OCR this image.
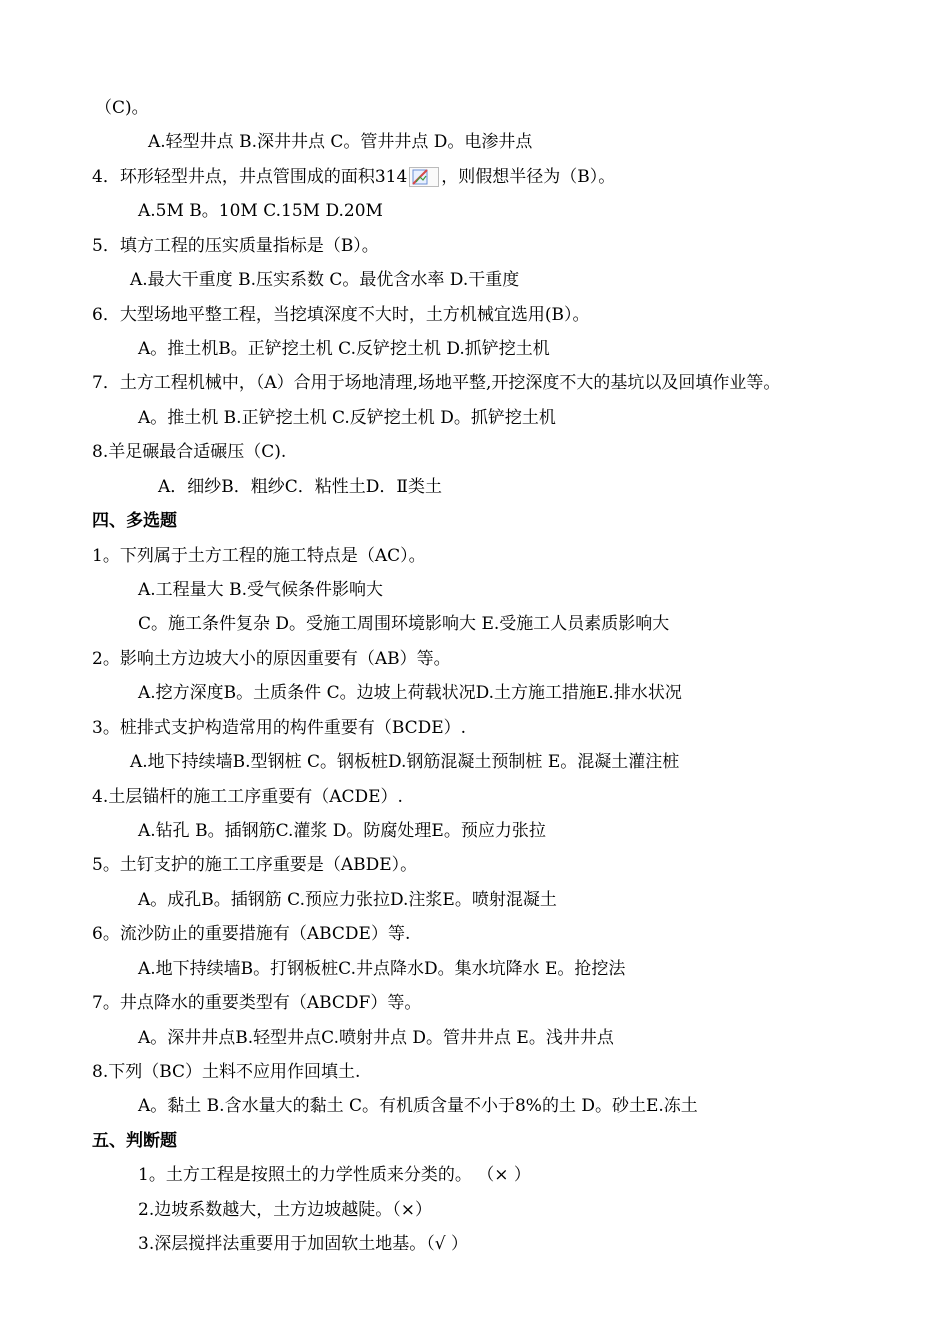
（C)。
A.轻型井点 B.深井井点 C。管井井点 D。电渗井点
4．环形轻型井点，井点管围成的面积314 ，则假想半径为（B）。
A.5M B。10M C.15M D.20M
5．填方工程的压实质量指标是（B）。
A.最大干重度 B.压实系数 C。最优含水率 D.干重度
6．大型场地平整工程，当挖填深度不大时，土方机械宜选用(B）。
A。推土机B。正铲挖土机 C.反铲挖土机 D.抓铲挖土机
7．土方工程机械中，（A）合用于场地清理,场地平整,开挖深度不大的基坑以及回填作业等。
A。推土机 B.正铲挖土机 C.反铲挖土机 D。抓铲挖土机
8.羊足碾最合适碾压（C).
A．细纱B．粗纱C．粘性土D．Ⅱ类土
四、多选题
1。下列属于土方工程的施工特点是（AC）。
A.工程量大 B.受气候条件影响大
C。施工条件复杂 D。受施工周围环境影响大 E.受施工人员素质影响大
2。影响土方边坡大小的原因重要有（AB）等。
A.挖方深度B。土质条件 C。边坡上荷载状况D.土方施工措施E.排水状况
3。桩排式支护构造常用的构件重要有（BCDE）.
A.地下持续墙B.型钢桩 C。钢板桩D.钢筋混凝土预制桩 E。混凝土灌注桩
4.土层锚杆的施工工序重要有（ACDE）.
A.钻孔 B。插钢筋C.灌浆 D。防腐处理E。预应力张拉
5。土钉支护的施工工序重要是（ABDE）。
A。成孔B。插钢筋 C.预应力张拉D.注浆E。喷射混凝土
6。流沙防止的重要措施有（ABCDE）等.
A.地下持续墙B。打钢板桩C.井点降水D。集水坑降水 E。抢挖法
7。井点降水的重要类型有（ABCDF）等。
A。深井井点B.轻型井点C.喷射井点 D。管井井点 E。浅井井点
8.下列（BC）土料不应用作回填土.
A。黏土 B.含水量大的黏土 C。有机质含量不小于8%的土 D。砂土E.冻土
五、判断题
1。土方工程是按照土的力学性质来分类的。 （× ）
2.边坡系数越大，土方边坡越陡。（×）
3.深层搅拌法重要用于加固软土地基。（√ ）
